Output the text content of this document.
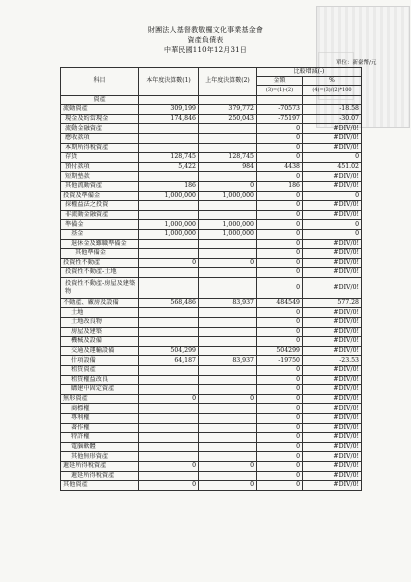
財團法人基督教敬欏文化事業基金會
資產負債表
中華民國110年12月31日
單位：新臺幣/元
科目	本年度決算數(1)	上年度決算數(2)	比較增減(-)	
			金額	%
			(3)=(1)-(2)	(4)=(3)/(2)*100
資產				
流動資產	309,199	379,772	-70573	-18.58
現金及約當現金	174,846	250,043	-75197	-30.07
流動金融資產			0	#DIV/0!
應收款項			0	#DIV/0!
本期所得稅資產			0	#DIV/0!
存貨	128,745	128,745	0	0
預付款項	5,422	984	4438	451.02
短期墊款			0	#DIV/0!
其他流動資產	186	0	186	#DIV/0!
投資及準備金	1,000,000	1,000,000	0	0
採權益法之投資			0	#DIV/0!
非流動金融資產			0	#DIV/0!
準備金	1,000,000	1,000,000	0	0
基金	1,000,000	1,000,000	0	0
退休金及難職準備金			0	#DIV/0!
其他準備金			0	#DIV/0!
投資性不動產	0	0	0	#DIV/0!
投資性不動產-土地			0	#DIV/0!
投資性不動產-房屋及建築物			0	#DIV/0!
不動產、廠房及設備	568,486	83,937	484549	577.28
土地			0	#DIV/0!
土地改良物			0	#DIV/0!
房屋及建築			0	#DIV/0!
機械及設備			0	#DIV/0!
交通及運輸設備	504,299		504299	#DIV/0!
什項設備	64,187	83,937	-19750	-23.53
租賃資產			0	#DIV/0!
租賃權益改良			0	#DIV/0!
購建中固定資產			0	#DIV/0!
無形資產	0	0	0	#DIV/0!
商標權			0	#DIV/0!
專利權			0	#DIV/0!
著作權			0	#DIV/0!
特許權			0	#DIV/0!
電腦軟體			0	#DIV/0!
其他無形資產			0	#DIV/0!
遞延所得稅資產	0	0	0	#DIV/0!
遞延所得稅資產			0	#DIV/0!
其他資產	0	0	0	#DIV/0!
